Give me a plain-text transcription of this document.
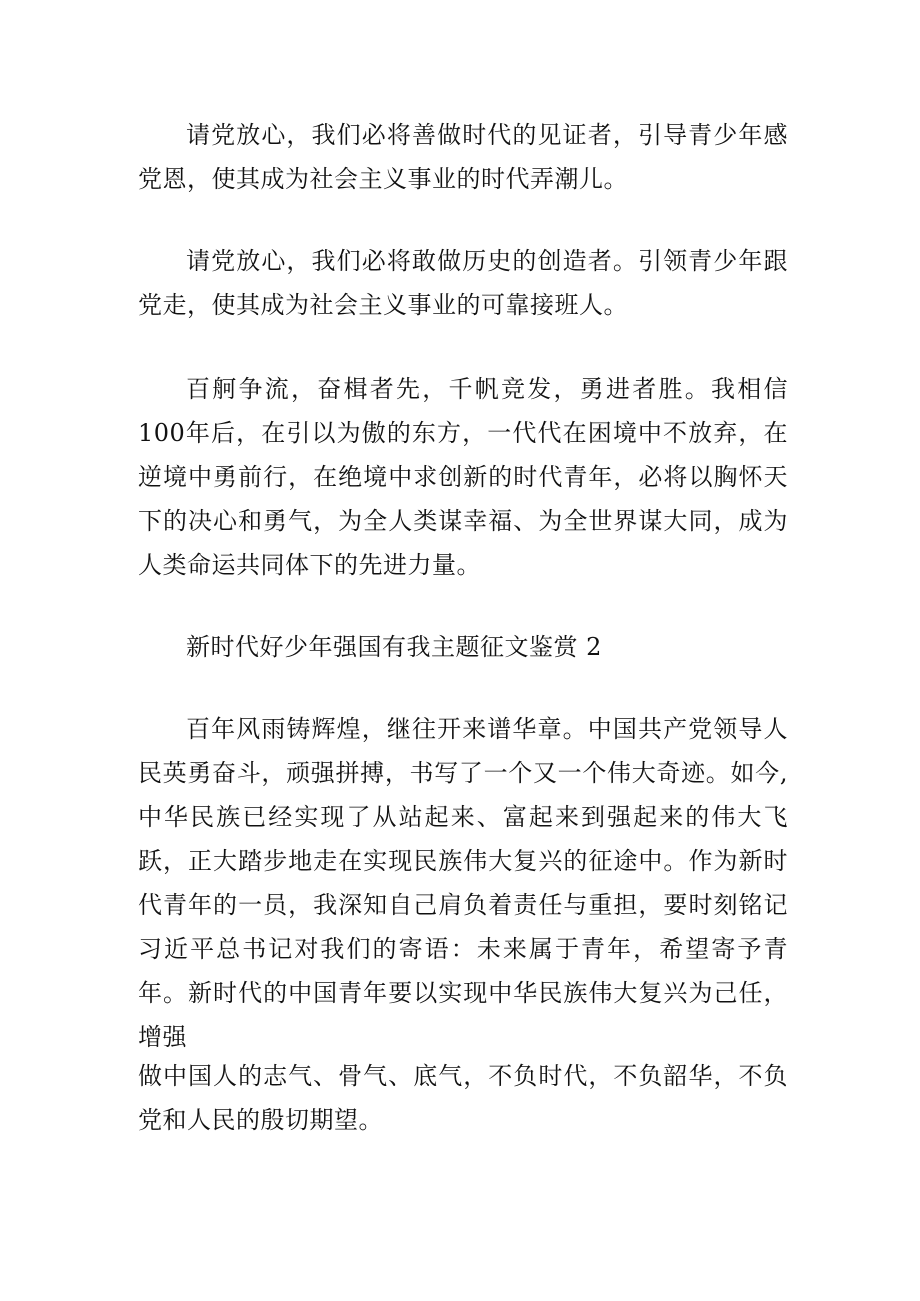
请党放心，我们必将善做时代的见证者，引导青少年感党恩，使其成为社会主义事业的时代弄潮儿。

请党放心，我们必将敢做历史的创造者。引领青少年跟党走，使其成为社会主义事业的可靠接班人。

百舸争流，奋楫者先，千帆竞发，勇进者胜。我相信 100年后，在引以为傲的东方，一代代在困境中不放弃，在逆境中勇前行，在绝境中求创新的时代青年，必将以胸怀天下的决心和勇气，为全人类谋幸福、为全世界谋大同，成为人类命运共同体下的先进力量。

新时代好少年强国有我主题征文鉴赏 2

百年风雨铸辉煌，继往开来谱华章。中国共产党领导人民英勇奋斗，顽强拼搏，书写了一个又一个伟大奇迹。如今, 中华民族已经实现了从站起来、富起来到强起来的伟大飞跃，正大踏步地走在实现民族伟大复兴的征途中。作为新时代青年的一员，我深知自己肩负着责任与重担，要时刻铭记习近平总书记对我们的寄语：未来属于青年，希望寄予青年。新时代的中国青年要以实现中华民族伟大复兴为己任，增强

做中国人的志气、骨气、底气，不负时代，不负韶华，不负党和人民的殷切期望。
